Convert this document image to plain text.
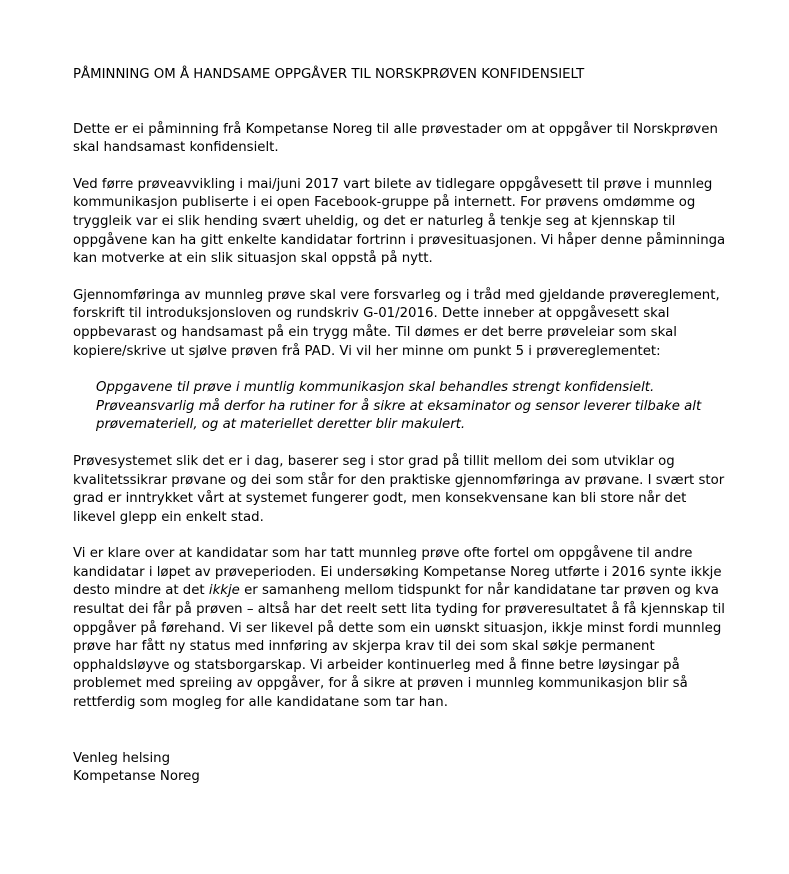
PÅMINNING OM Å HANDSAME OPPGÅVER TIL NORSKPRØVEN KONFIDENSIELT

Dette er ei påminning frå Kompetanse Noreg til alle prøvestader om at oppgåver til Norskprøven skal handsamast konfidensielt.

Ved førre prøveavvikling i mai/juni 2017 vart bilete av tidlegare oppgåvesett til prøve i munnleg kommunikasjon publiserte i ei open Facebook-gruppe på internett. For prøvens omdømme og tryggleik var ei slik hending svært uheldig, og det er naturleg å tenkje seg at kjennskap til oppgåvene kan ha gitt enkelte kandidatar fortrinn i prøvesituasjonen. Vi håper denne påminninga kan motverke at ein slik situasjon skal oppstå på nytt.

Gjennomføringa av munnleg prøve skal vere forsvarleg og i tråd med gjeldande prøvereglement, forskrift til introduksjonsloven og rundskriv G-01/2016. Dette inneber at oppgåvesett skal oppbevarast og handsamast på ein trygg måte. Til dømes er det berre prøveleiar som skal kopiere/skrive ut sjølve prøven frå PAD. Vi vil her minne om punkt 5 i prøvereglementet:

Oppgavene til prøve i muntlig kommunikasjon skal behandles strengt konfidensielt. Prøveansvarlig må derfor ha rutiner for å sikre at eksaminator og sensor leverer tilbake alt prøvemateriell, og at materiellet deretter blir makulert.

Prøvesystemet slik det er i dag, baserer seg i stor grad på tillit mellom dei som utviklar og kvalitetssikrar prøvane og dei som står for den praktiske gjennomføringa av prøvane. I svært stor grad er inntrykket vårt at systemet fungerer godt, men konsekvensane kan bli store når det likevel glepp ein enkelt stad.

Vi er klare over at kandidatar som har tatt munnleg prøve ofte fortel om oppgåvene til andre kandidatar i løpet av prøveperioden. Ei undersøking Kompetanse Noreg utførte i 2016 synte ikkje desto mindre at det ikkje er samanheng mellom tidspunkt for når kandidatane tar prøven og kva resultat dei får på prøven – altså har det reelt sett lita tyding for prøveresultatet å få kjennskap til oppgåver på førehand. Vi ser likevel på dette som ein uønskt situasjon, ikkje minst fordi munnleg prøve har fått ny status med innføring av skjerpa krav til dei som skal søkje permanent opphaldsløyve og statsborgarskap. Vi arbeider kontinuerleg med å finne betre løysingar på problemet med spreiing av oppgåver, for å sikre at prøven i munnleg kommunikasjon blir så rettferdig som mogleg for alle kandidatane som tar han.

Venleg helsing

Kompetanse Noreg
